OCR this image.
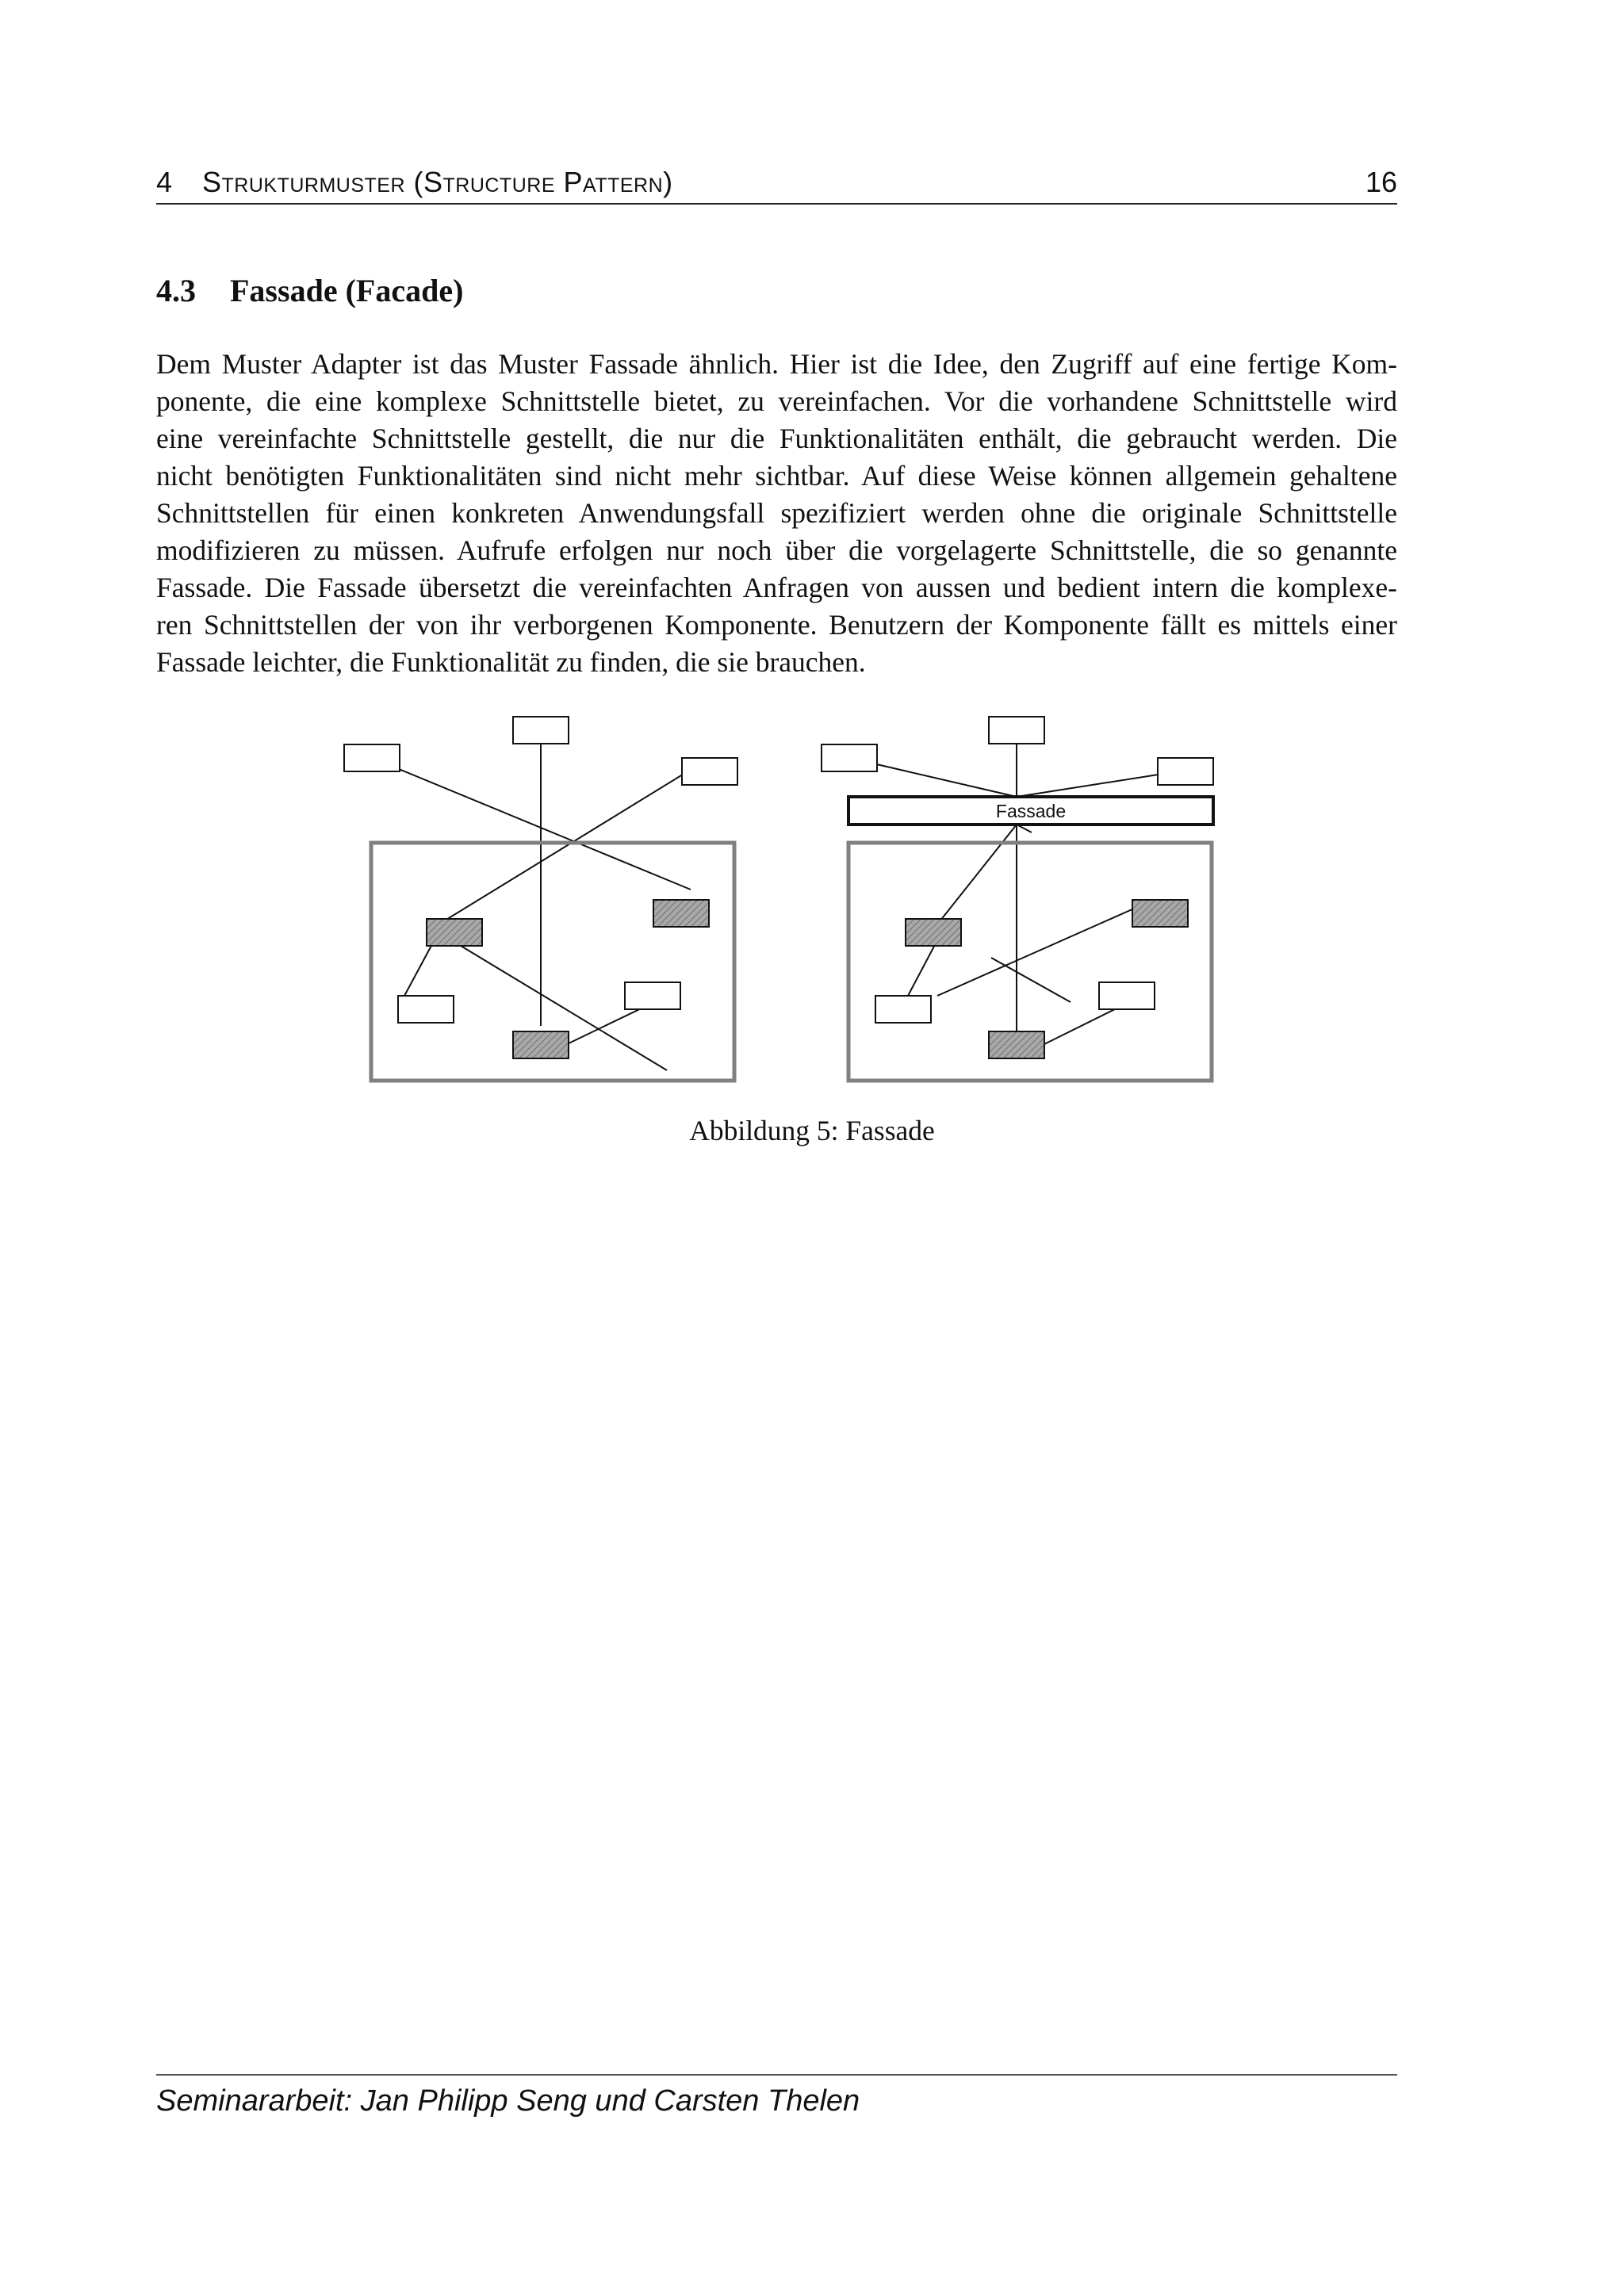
4 Strukturmuster (Structure Pattern)	16
4.3 Fassade (Facade)
Dem Muster Adapter ist das Muster Fassade ähnlich. Hier ist die Idee, den Zugriff auf eine fertige Kom-
ponente, die eine komplexe Schnittstelle bietet, zu vereinfachen. Vor die vorhandene Schnittstelle wird
eine vereinfachte Schnittstelle gestellt, die nur die Funktionalitäten enthält, die gebraucht werden. Die
nicht benötigten Funktionalitäten sind nicht mehr sichtbar. Auf diese Weise können allgemein gehaltene
Schnittstellen für einen konkreten Anwendungsfall spezifiziert werden ohne die originale Schnittstelle
modifizieren zu müssen. Aufrufe erfolgen nur noch über die vorgelagerte Schnittstelle, die so genannte
Fassade. Die Fassade übersetzt die vereinfachten Anfragen von aussen und bedient intern die komplexe-
ren Schnittstellen der von ihr verborgenen Komponente. Benutzern der Komponente fällt es mittels einer
Fassade leichter, die Funktionalität zu finden, die sie brauchen.
Fassade
Abbildung 5: Fassade
Seminararbeit: Jan Philipp Seng und Carsten Thelen
